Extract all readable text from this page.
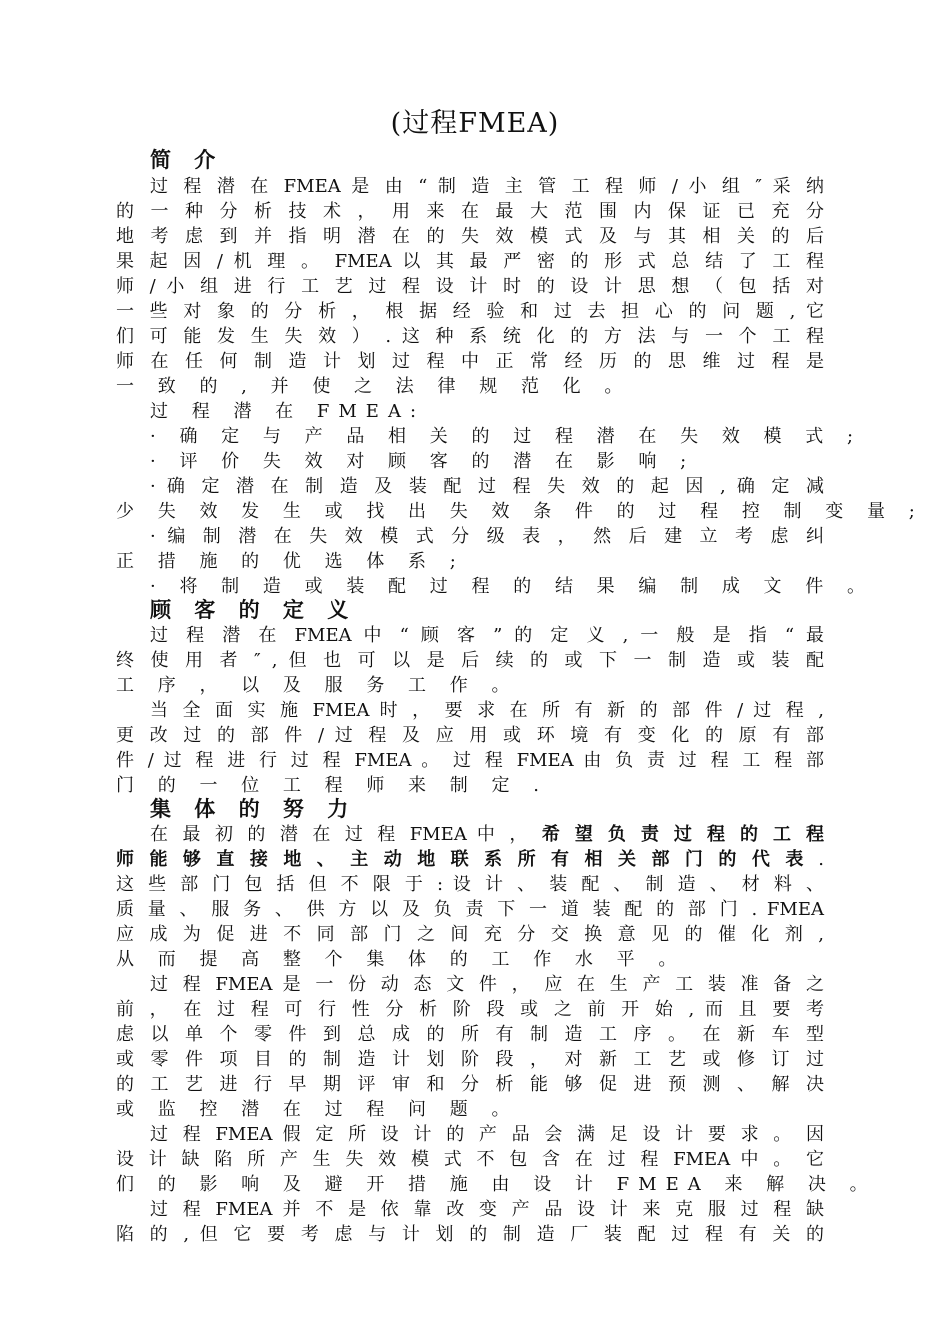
(过程FMEA)
简 介
过 程 潜 在 FMEA 是 由 “ 制 造 主 管 工 程 师 / 小 组 ″ 采 纳
的 一 种 分 析 技 术 ， 用 来 在 最 大 范 围 内 保 证 已 充 分
地 考 虑 到 并 指 明 潜 在 的 失 效 模 式 及 与 其 相 关 的 后
果 起 因 / 机 理 。 FMEA 以 其 最 严 密 的 形 式 总 结 了 工 程
师 / 小 组 进 行 工 艺 过 程 设 计 时 的 设 计 思 想 （ 包 括 对
一 些 对 象 的 分 析 ， 根 据 经 验 和 过 去 担 心 的 问 题 , 它
们 可 能 发 生 失 效 ） . 这 种 系 统 化 的 方 法 与 一 个 工 程
师 在 任 何 制 造 计 划 过 程 中 正 常 经 历 的 思 维 过 程 是
一 致 的 , 并 使 之 法 律 规 范 化 。
过 程 潜 在 FMEA:
· 确 定 与 产 品 相 关 的 过 程 潜 在 失 效 模 式 ;
· 评 价 失 效 对 顾 客 的 潜 在 影 响 ;
· 确 定 潜 在 制 造 及 装 配 过 程 失 效 的 起 因 , 确 定 减
少 失 效 发 生 或 找 出 失 效 条 件 的 过 程 控 制 变 量 ;
· 编 制 潜 在 失 效 模 式 分 级 表 ， 然 后 建 立 考 虑 纠
正 措 施 的 优 选 体 系 ;
· 将 制 造 或 装 配 过 程 的 结 果 编 制 成 文 件 。
顾 客 的 定 义
过 程 潜 在 FMEA 中 “ 顾 客 ” 的 定 义 , 一 般 是 指 “ 最
终 使 用 者 ″ , 但 也 可 以 是 后 续 的 或 下 一 制 造 或 装 配
工 序 ， 以 及 服 务 工 作 。
当 全 面 实 施 FMEA 时 ， 要 求 在 所 有 新 的 部 件 / 过 程 ,
更 改 过 的 部 件 / 过 程 及 应 用 或 环 境 有 变 化 的 原 有 部
件 / 过 程 进 行 过 程 FMEA 。 过 程 FMEA 由 负 责 过 程 工 程 部
门 的 一 位 工 程 师 来 制 定 .
集 体 的 努 力
在 最 初 的 潜 在 过 程 FMEA 中 ， 希 望 负 责 过 程 的 工 程
师 能 够 直 接 地 、 主 动 地 联 系 所 有 相 关 部 门 的 代 表 .
这 些 部 门 包 括 但 不 限 于 : 设 计 、 装 配 、 制 造 、 材 料 、
质 量 、 服 务 、 供 方 以 及 负 责 下 一 道 装 配 的 部 门 . FMEA
应 成 为 促 进 不 同 部 门 之 间 充 分 交 换 意 见 的 催 化 剂 ,
从 而 提 高 整 个 集 体 的 工 作 水 平 。
过 程 FMEA 是 一 份 动 态 文 件 ， 应 在 生 产 工 装 准 备 之
前 ， 在 过 程 可 行 性 分 析 阶 段 或 之 前 开 始 , 而 且 要 考
虑 以 单 个 零 件 到 总 成 的 所 有 制 造 工 序 。 在 新 车 型
或 零 件 项 目 的 制 造 计 划 阶 段 ， 对 新 工 艺 或 修 订 过
的 工 艺 进 行 早 期 评 审 和 分 析 能 够 促 进 预 测 、 解 决
或 监 控 潜 在 过 程 问 题 。
过 程 FMEA 假 定 所 设 计 的 产 品 会 满 足 设 计 要 求 。 因
设 计 缺 陷 所 产 生 失 效 模 式 不 包 含 在 过 程 FMEA 中 。 它
们 的 影 响 及 避 开 措 施 由 设 计 FMEA 来 解 决 。
过 程 FMEA 并 不 是 依 靠 改 变 产 品 设 计 来 克 服 过 程 缺
陷 的 , 但 它 要 考 虑 与 计 划 的 制 造 厂 装 配 过 程 有 关 的
